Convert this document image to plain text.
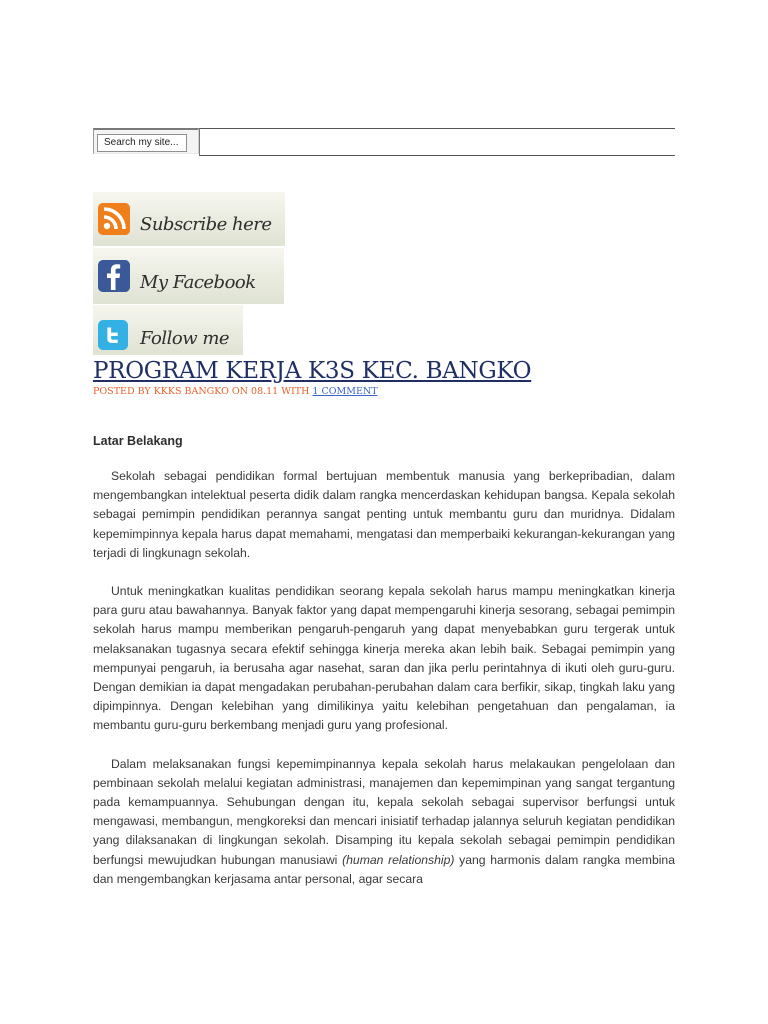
Search my site...
Subscribe here
My Facebook
Follow me
PROGRAM KERJA K3S KEC. BANGKO
POSTED BY KKKS BANGKO ON 08.11 WITH 1 COMMENT
Latar Belakang

Sekolah sebagai pendidikan formal bertujuan membentuk manusia yang berkepribadian, dalam mengembangkan intelektual peserta didik dalam rangka mencerdaskan kehidupan bangsa. Kepala sekolah sebagai pemimpin pendidikan perannya sangat penting untuk membantu guru dan muridnya. Didalam kepemimpinnya kepala harus dapat memahami, mengatasi dan memperbaiki kekurangan-kekurangan yang terjadi di lingkunagn sekolah.

Untuk meningkatkan kualitas pendidikan seorang kepala sekolah harus mampu meningkatkan kinerja para guru atau bawahannya. Banyak faktor yang dapat mempengaruhi kinerja sesorang, sebagai pemimpin sekolah harus mampu memberikan pengaruh-pengaruh yang dapat menyebabkan guru tergerak untuk melaksanakan tugasnya secara efektif sehingga kinerja mereka akan lebih baik. Sebagai pemimpin yang mempunyai pengaruh, ia berusaha agar nasehat, saran dan jika perlu perintahnya di ikuti oleh guru-guru. Dengan demikian ia dapat mengadakan perubahan-perubahan dalam cara berfikir, sikap, tingkah laku yang dipimpinnya. Dengan kelebihan yang dimilikinya yaitu kelebihan pengetahuan dan pengalaman, ia membantu guru-guru berkembang menjadi guru yang profesional.

Dalam melaksanakan fungsi kepemimpinannya kepala sekolah harus melakaukan pengelolaan dan pembinaan sekolah melalui kegiatan administrasi, manajemen dan kepemimpinan yang sangat tergantung pada kemampuannya. Sehubungan dengan itu, kepala sekolah sebagai supervisor berfungsi untuk mengawasi, membangun, mengkoreksi dan mencari inisiatif terhadap jalannya seluruh kegiatan pendidikan yang dilaksanakan di lingkungan sekolah. Disamping itu kepala sekolah sebagai pemimpin pendidikan berfungsi mewujudkan hubungan manusiawi (human relationship) yang harmonis dalam rangka membina dan mengembangkan kerjasama antar personal, agar secara
